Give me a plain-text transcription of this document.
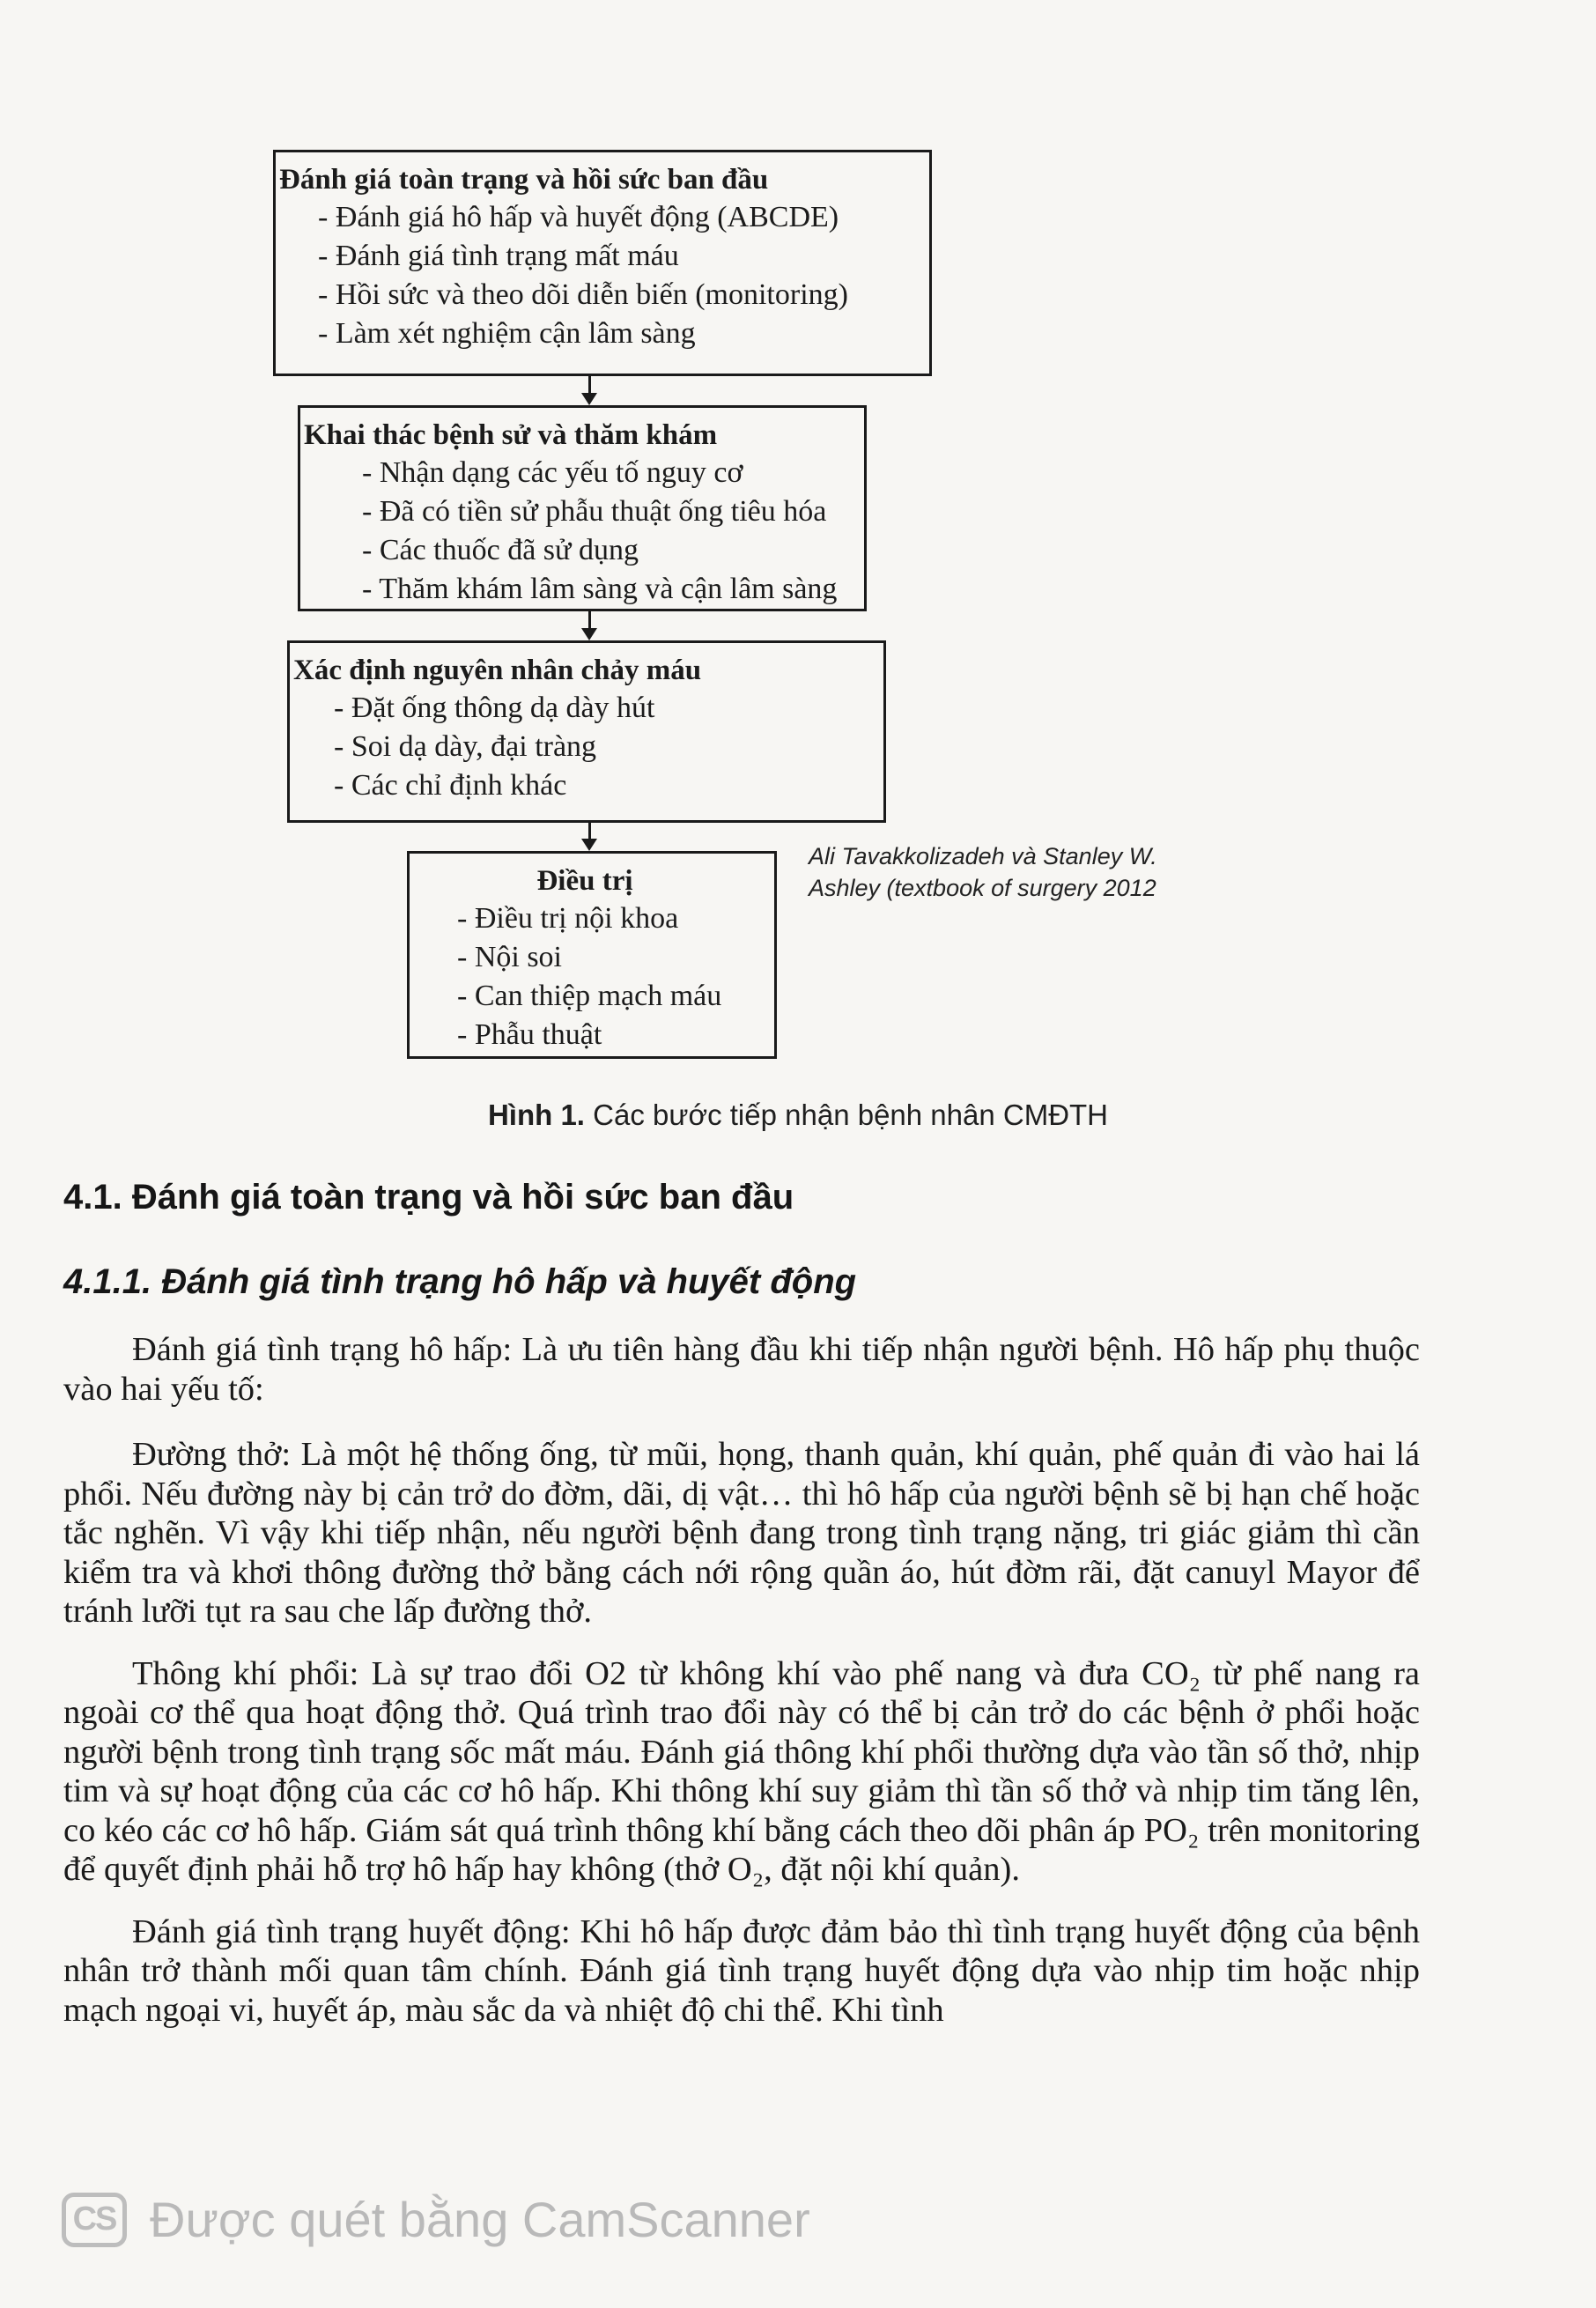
Đánh giá toàn trạng và hồi sức ban đầu
- Đánh giá hô hấp và huyết động (ABCDE)
- Đánh giá tình trạng mất máu
- Hồi sức và theo dõi diễn biến (monitoring)
- Làm xét nghiệm cận lâm sàng
Khai thác bệnh sử và thăm khám
- Nhận dạng các yếu tố nguy cơ
- Đã có tiền sử phẫu thuật ống tiêu hóa
- Các thuốc đã sử dụng
- Thăm khám lâm sàng và cận lâm sàng
Xác định nguyên nhân chảy máu
- Đặt ống thông dạ dày hút
- Soi dạ dày, đại tràng
- Các chỉ định khác
Điều trị
- Điều trị nội khoa
- Nội soi
- Can thiệp mạch máu
- Phẫu thuật
Ali Tavakkolizadeh và Stanley W. Ashley (textbook of surgery 2012
Hình 1. Các bước tiếp nhận bệnh nhân CMĐTH
4.1. Đánh giá toàn trạng và hồi sức ban đầu
4.1.1. Đánh giá tình trạng hô hấp và huyết động

Đánh giá tình trạng hô hấp: Là ưu tiên hàng đầu khi tiếp nhận người bệnh. Hô hấp phụ thuộc vào hai yếu tố:

Đường thở: Là một hệ thống ống, từ mũi, họng, thanh quản, khí quản, phế quản đi vào hai lá phổi. Nếu đường này bị cản trở do đờm, dãi, dị vật… thì hô hấp của người bệnh sẽ bị hạn chế hoặc tắc nghẽn. Vì vậy khi tiếp nhận, nếu người bệnh đang trong tình trạng nặng, tri giác giảm thì cần kiểm tra và khơi thông đường thở bằng cách nới rộng quần áo, hút đờm rãi, đặt canuyl Mayor để tránh lưỡi tụt ra sau che lấp đường thở.

Thông khí phổi: Là sự trao đổi O2 từ không khí vào phế nang và đưa CO₂ từ phế nang ra ngoài cơ thể qua hoạt động thở. Quá trình trao đổi này có thể bị cản trở do các bệnh ở phổi hoặc người bệnh trong tình trạng sốc mất máu. Đánh giá thông khí phổi thường dựa vào tần số thở, nhịp tim và sự hoạt động của các cơ hô hấp. Khi thông khí suy giảm thì tần số thở và nhịp tim tăng lên, co kéo các cơ hô hấp. Giám sát quá trình thông khí bằng cách theo dõi phân áp PO₂ trên monitoring để quyết định phải hỗ trợ hô hấp hay không (thở O₂, đặt nội khí quản).

Đánh giá tình trạng huyết động: Khi hô hấp được đảm bảo thì tình trạng huyết động của bệnh nhân trở thành mối quan tâm chính. Đánh giá tình trạng huyết động dựa vào nhịp tim hoặc nhịp mạch ngoại vi, huyết áp, màu sắc da và nhiệt độ chi thể. Khi tình

CS Được quét bằng CamScanner
